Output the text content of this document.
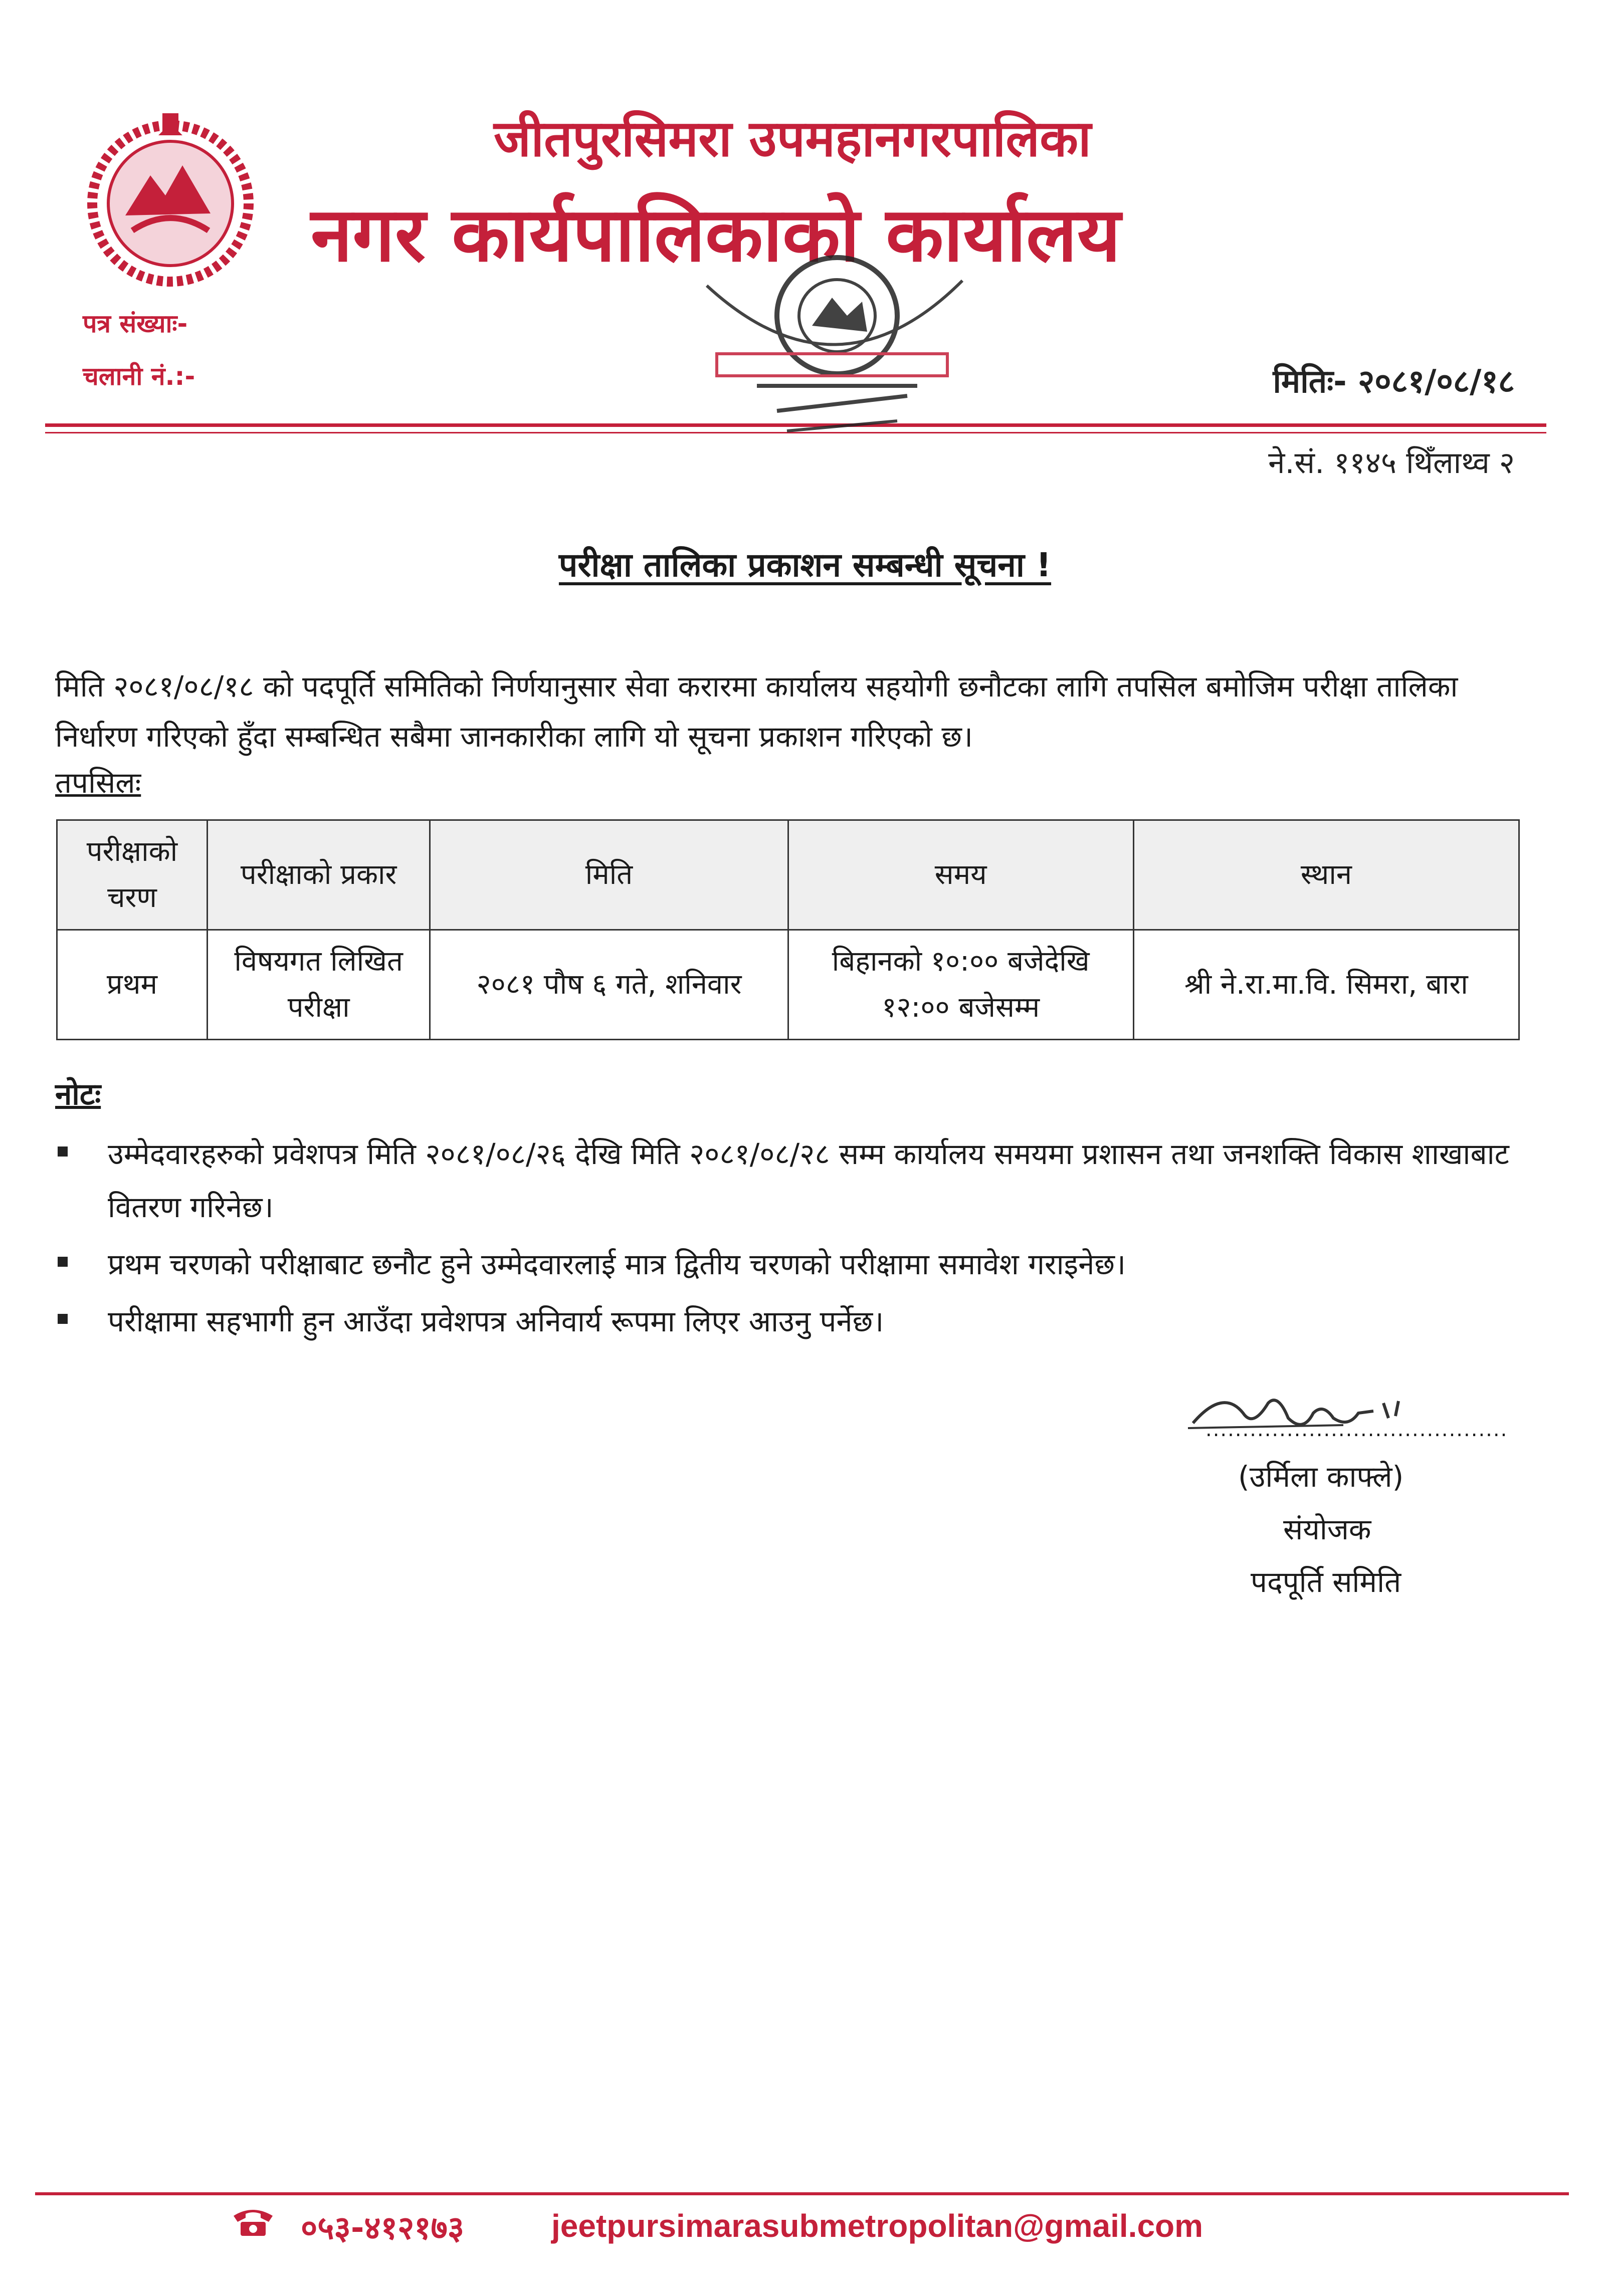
जीतपुरसिमरा उपमहानगरपालिका
नगर कार्यपालिकाको कार्यालय
पत्र संख्याः-
चलानी नं.:-	मितिः- २०८१/०८/१८
ने.सं. ११४५ थिँलाथ्व २
परीक्षा तालिका प्रकाशन सम्बन्धी सूचना !
मिति २०८१/०८/१८ को पदपूर्ति समितिको निर्णयानुसार सेवा करारमा कार्यालय सहयोगी छनौटका लागि तपसिल बमोजिम परीक्षा तालिका निर्धारण गरिएको हुँदा सम्बन्धित सबैमा जानकारीका लागि यो सूचना प्रकाशन गरिएको छ।
तपसिलः
परीक्षाको चरण	परीक्षाको प्रकार	मिति	समय	स्थान
प्रथम	विषयगत लिखित परीक्षा	२०८१ पौष ६ गते, शनिवार	बिहानको १०:०० बजेदेखि १२:०० बजेसम्म	श्री ने.रा.मा.वि. सिमरा, बारा
नोटः
उम्मेदवारहरुको प्रवेशपत्र मिति २०८१/०८/२६ देखि मिति २०८१/०८/२८ सम्म कार्यालय समयमा प्रशासन तथा जनशक्ति विकास शाखाबाट वितरण गरिनेछ।
प्रथम चरणको परीक्षाबाट छनौट हुने उम्मेदवारलाई मात्र द्वितीय चरणको परीक्षामा समावेश गराइनेछ।
परीक्षामा सहभागी हुन आउँदा प्रवेशपत्र अनिवार्य रूपमा लिएर आउनु पर्नेछ।
.........................................
(उर्मिला काफ्ले)
संयोजक
पदपूर्ति समिति
०५३-४१२१७३	jeetpursimarasubmetropolitan@gmail.com
